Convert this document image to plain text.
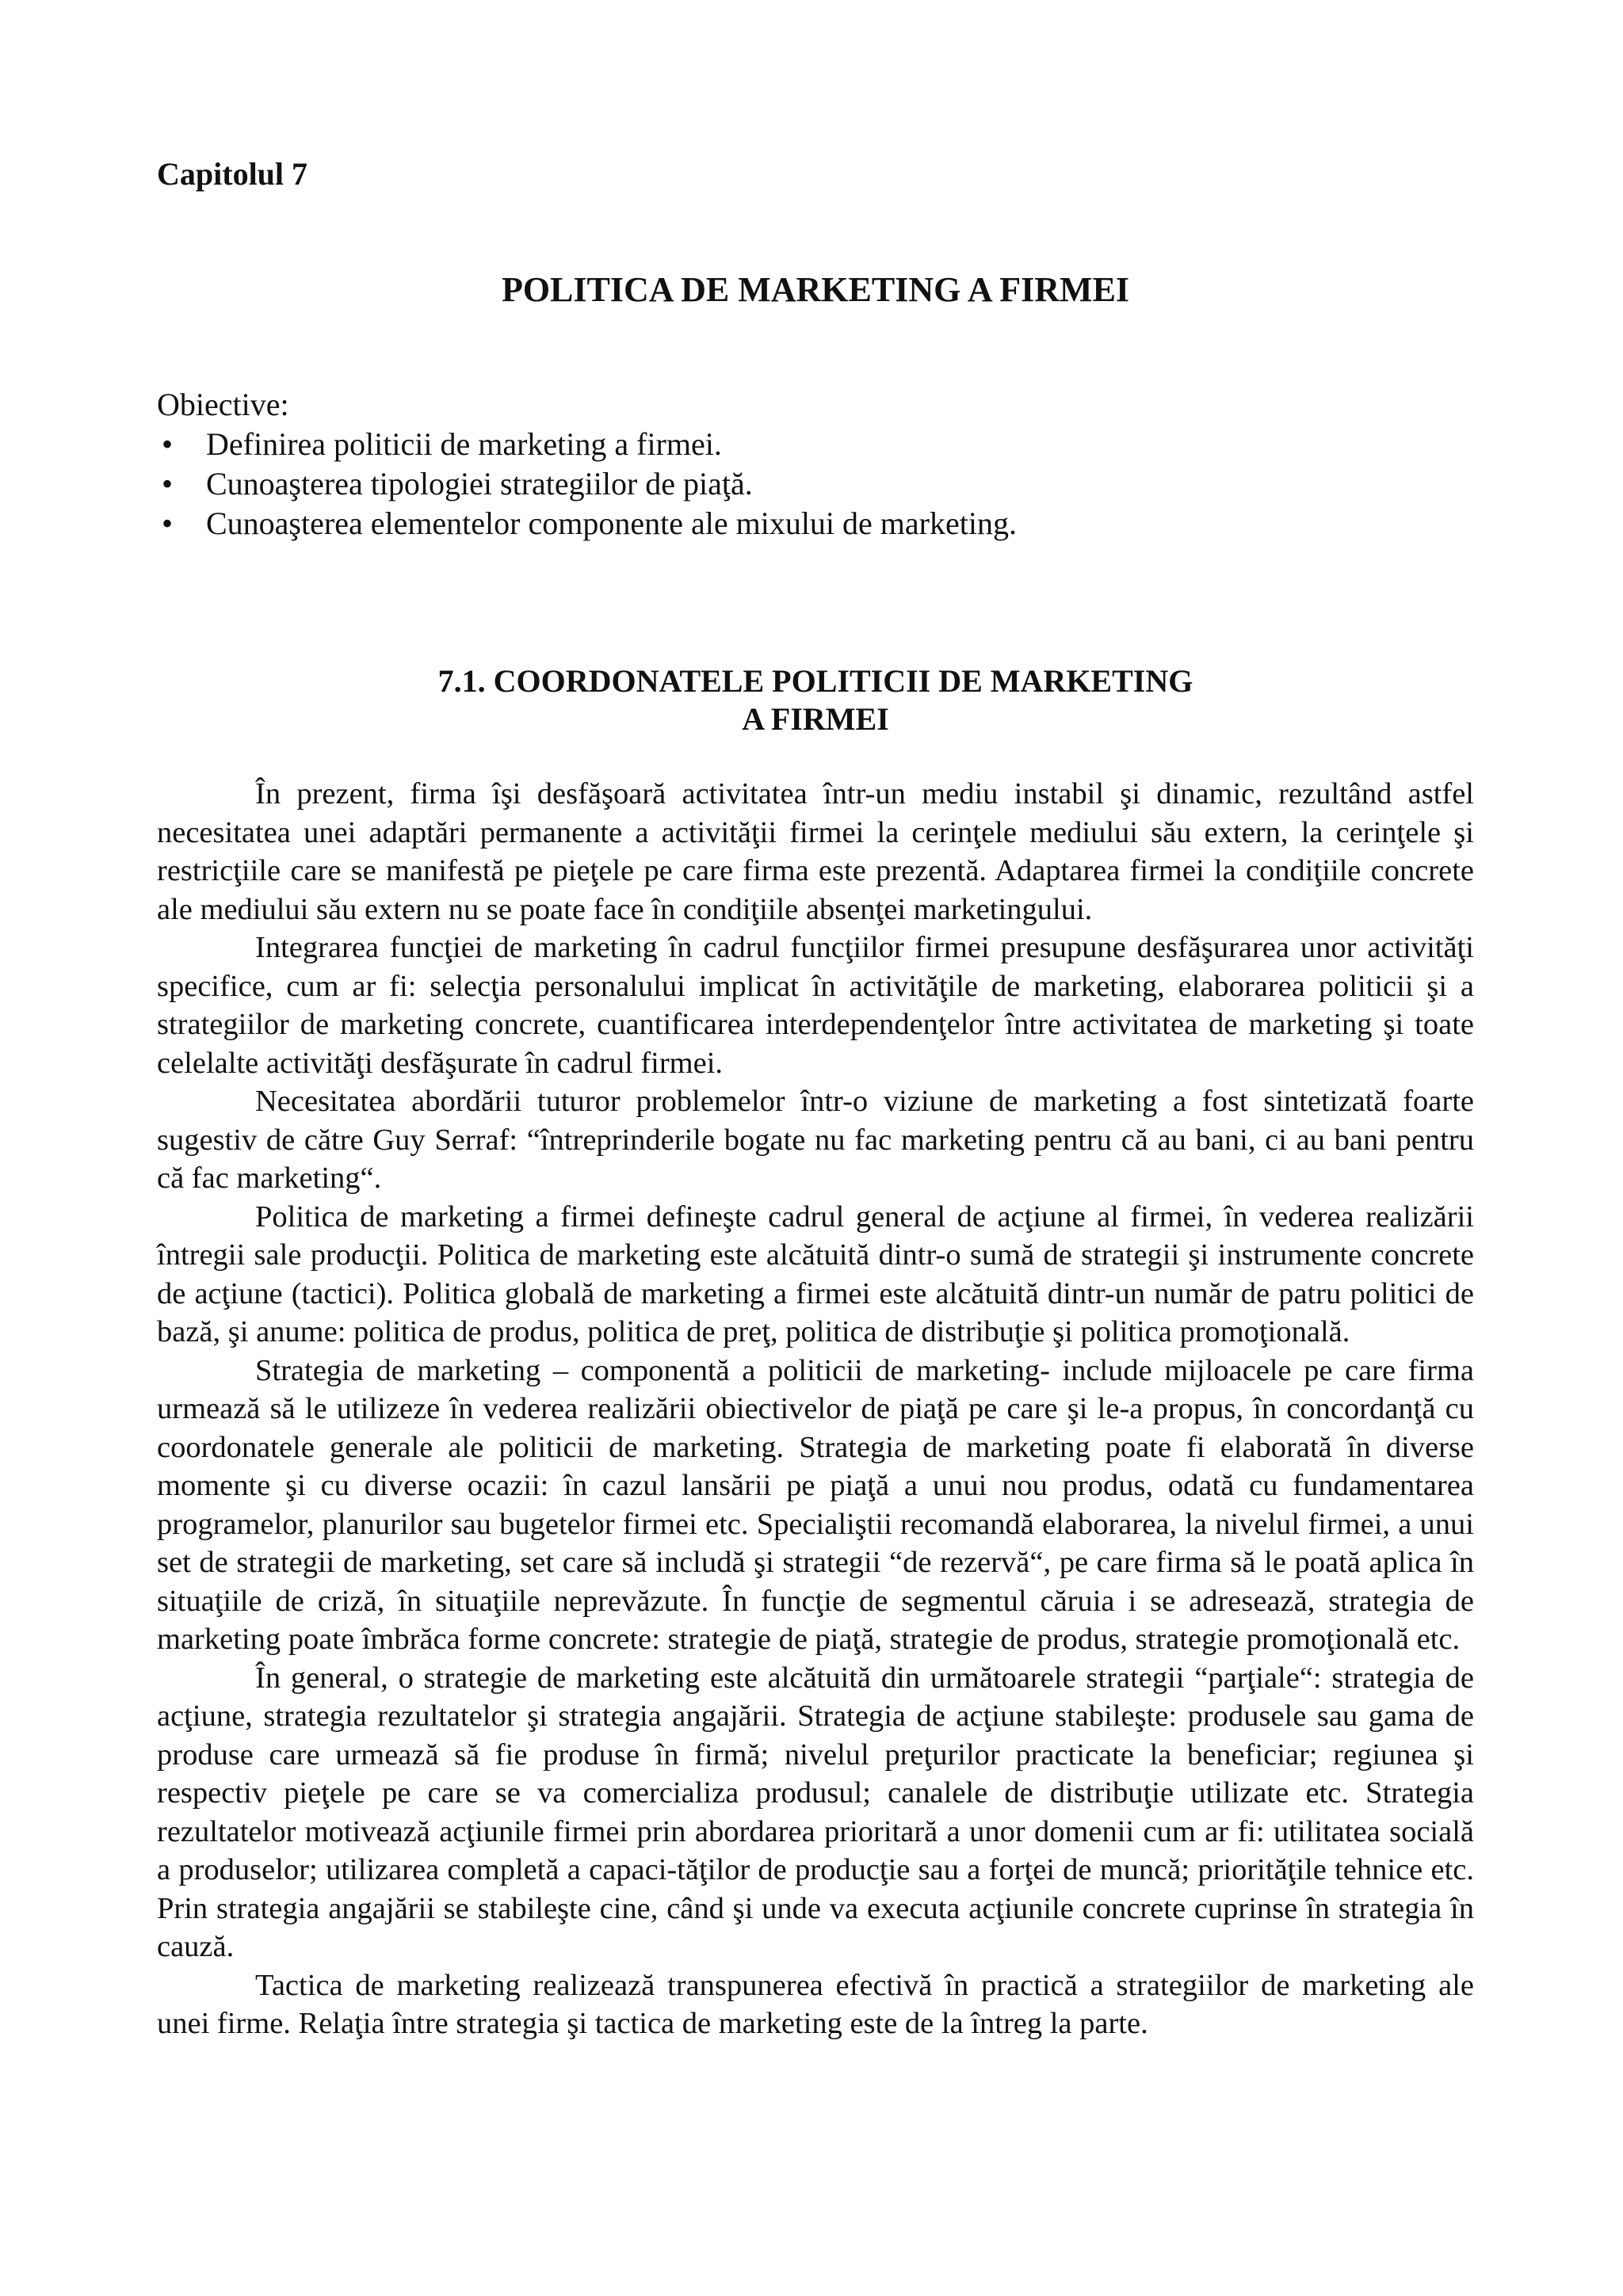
Capitolul 7

POLITICA DE MARKETING A FIRMEI

Obiective:

• Definirea politicii de marketing a firmei.
• Cunoaşterea tipologiei strategiilor de piaţă.
• Cunoaşterea elementelor componente ale mixului de marketing.
7.1. COORDONATELE POLITICII DE MARKETING
A FIRMEI

În prezent, firma îşi desfăşoară activitatea într-un mediu instabil şi dinamic, rezultând astfel necesitatea unei adaptări permanente a activităţii firmei la cerinţele mediului său extern, la cerinţele şi restricţiile care se manifestă pe pieţele pe care firma este prezentă. Adaptarea firmei la condiţiile concrete ale mediului său extern nu se poate face în condiţiile absenţei marketingului.

Integrarea funcţiei de marketing în cadrul funcţiilor firmei presupune desfăşurarea unor activităţi specifice, cum ar fi: selecţia personalului implicat în activităţile de marketing, elaborarea politicii şi a strategiilor de marketing concrete, cuantificarea interdependenţelor între activitatea de marketing şi toate celelalte activităţi desfăşurate în cadrul firmei.

Necesitatea abordării tuturor problemelor într-o viziune de marketing a fost sintetizată foarte sugestiv de către Guy Serraf: “întreprinderile bogate nu fac marketing pentru că au bani, ci au bani pentru că fac marketing“.

Politica de marketing a firmei defineşte cadrul general de acţiune al firmei, în vederea realizării întregii sale producţii. Politica de marketing este alcătuită dintr-o sumă de strategii şi instrumente concrete de acţiune (tactici). Politica globală de marketing a firmei este alcătuită dintr-un număr de patru politici de bază, şi anume: politica de produs, politica de preţ, politica de distribuţie şi politica promoţională.

Strategia de marketing – componentă a politicii de marketing- include mijloacele pe care firma urmează să le utilizeze în vederea realizării obiectivelor de piaţă pe care şi le-a propus, în concordanţă cu coordonatele generale ale politicii de marketing. Strategia de marketing poate fi elaborată în diverse momente şi cu diverse ocazii: în cazul lansării pe piaţă a unui nou produs, odată cu fundamentarea programelor, planurilor sau bugetelor firmei etc. Specialiştii recomandă elaborarea, la nivelul firmei, a unui set de strategii de marketing, set care să includă şi strategii “de rezervă“, pe care firma să le poată aplica în situaţiile de criză, în situaţiile neprevăzute. În funcţie de segmentul căruia i se adresează, strategia de marketing poate îmbrăca forme concrete: strategie de piaţă, strategie de produs, strategie promoţională etc.

În general, o strategie de marketing este alcătuită din următoarele strategii “parţiale“: strategia de acţiune, strategia rezultatelor şi strategia angajării. Strategia de acţiune stabileşte: produsele sau gama de produse care urmează să fie produse în firmă; nivelul preţurilor practicate la beneficiar; regiunea şi respectiv pieţele pe care se va comercializa produsul; canalele de distribuţie utilizate etc. Strategia rezultatelor motivează acţiunile firmei prin abordarea prioritară a unor domenii cum ar fi: utilitatea socială a produselor; utilizarea completă a capaci-tăţilor de producţie sau a forţei de muncă; priorităţile tehnice etc. Prin strategia angajării se stabileşte cine, când şi unde va executa acţiunile concrete cuprinse în strategia în cauză.

Tactica de marketing realizează transpunerea efectivă în practică a strategiilor de marketing ale unei firme. Relaţia între strategia şi tactica de marketing este de la întreg la parte.
